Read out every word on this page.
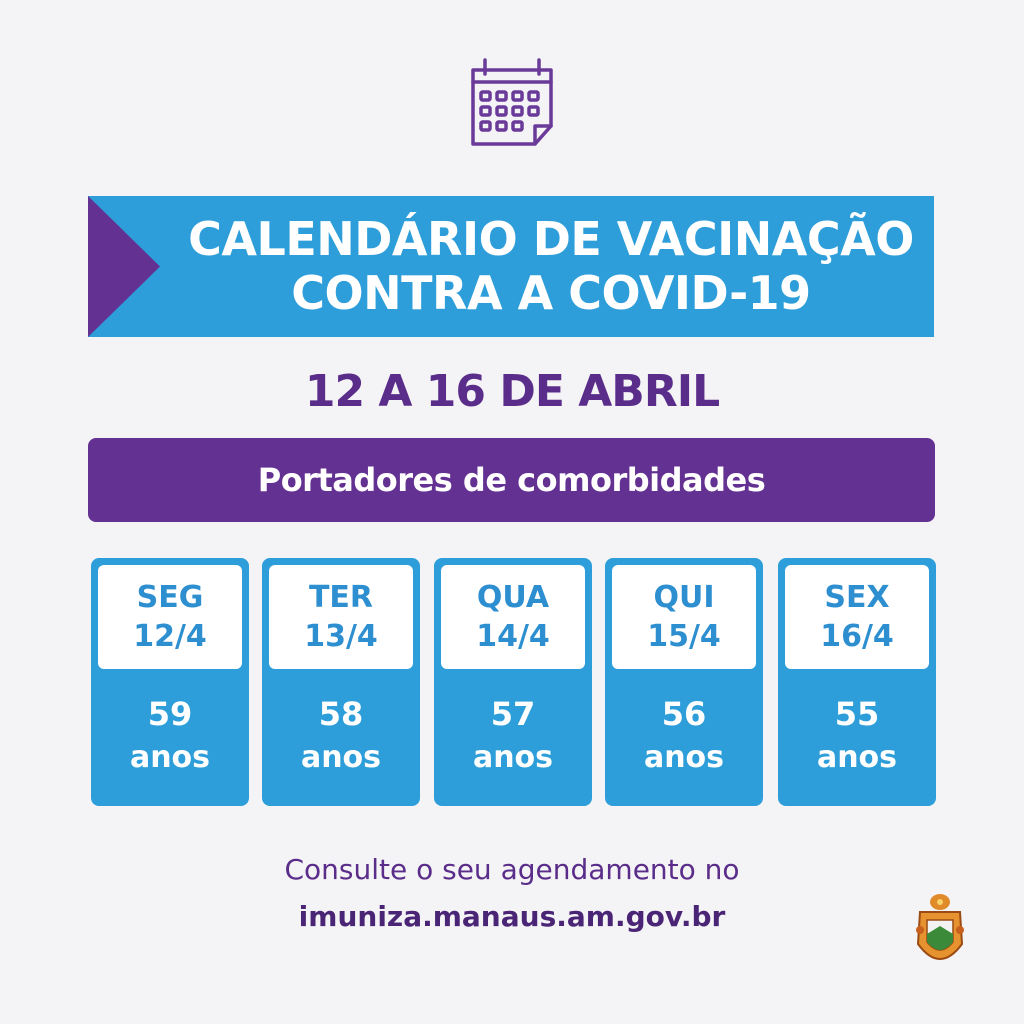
CALENDÁRIO DE VACINAÇÃO
CONTRA A COVID-19
12 A 16 DE ABRIL
Portadores de comorbidades
SEG
12/4
59
anos
TER
13/4
58
anos
QUA
14/4
57
anos
QUI
15/4
56
anos
SEX
16/4
55
anos
Consulte o seu agendamento no
imuniza.manaus.am.gov.br
